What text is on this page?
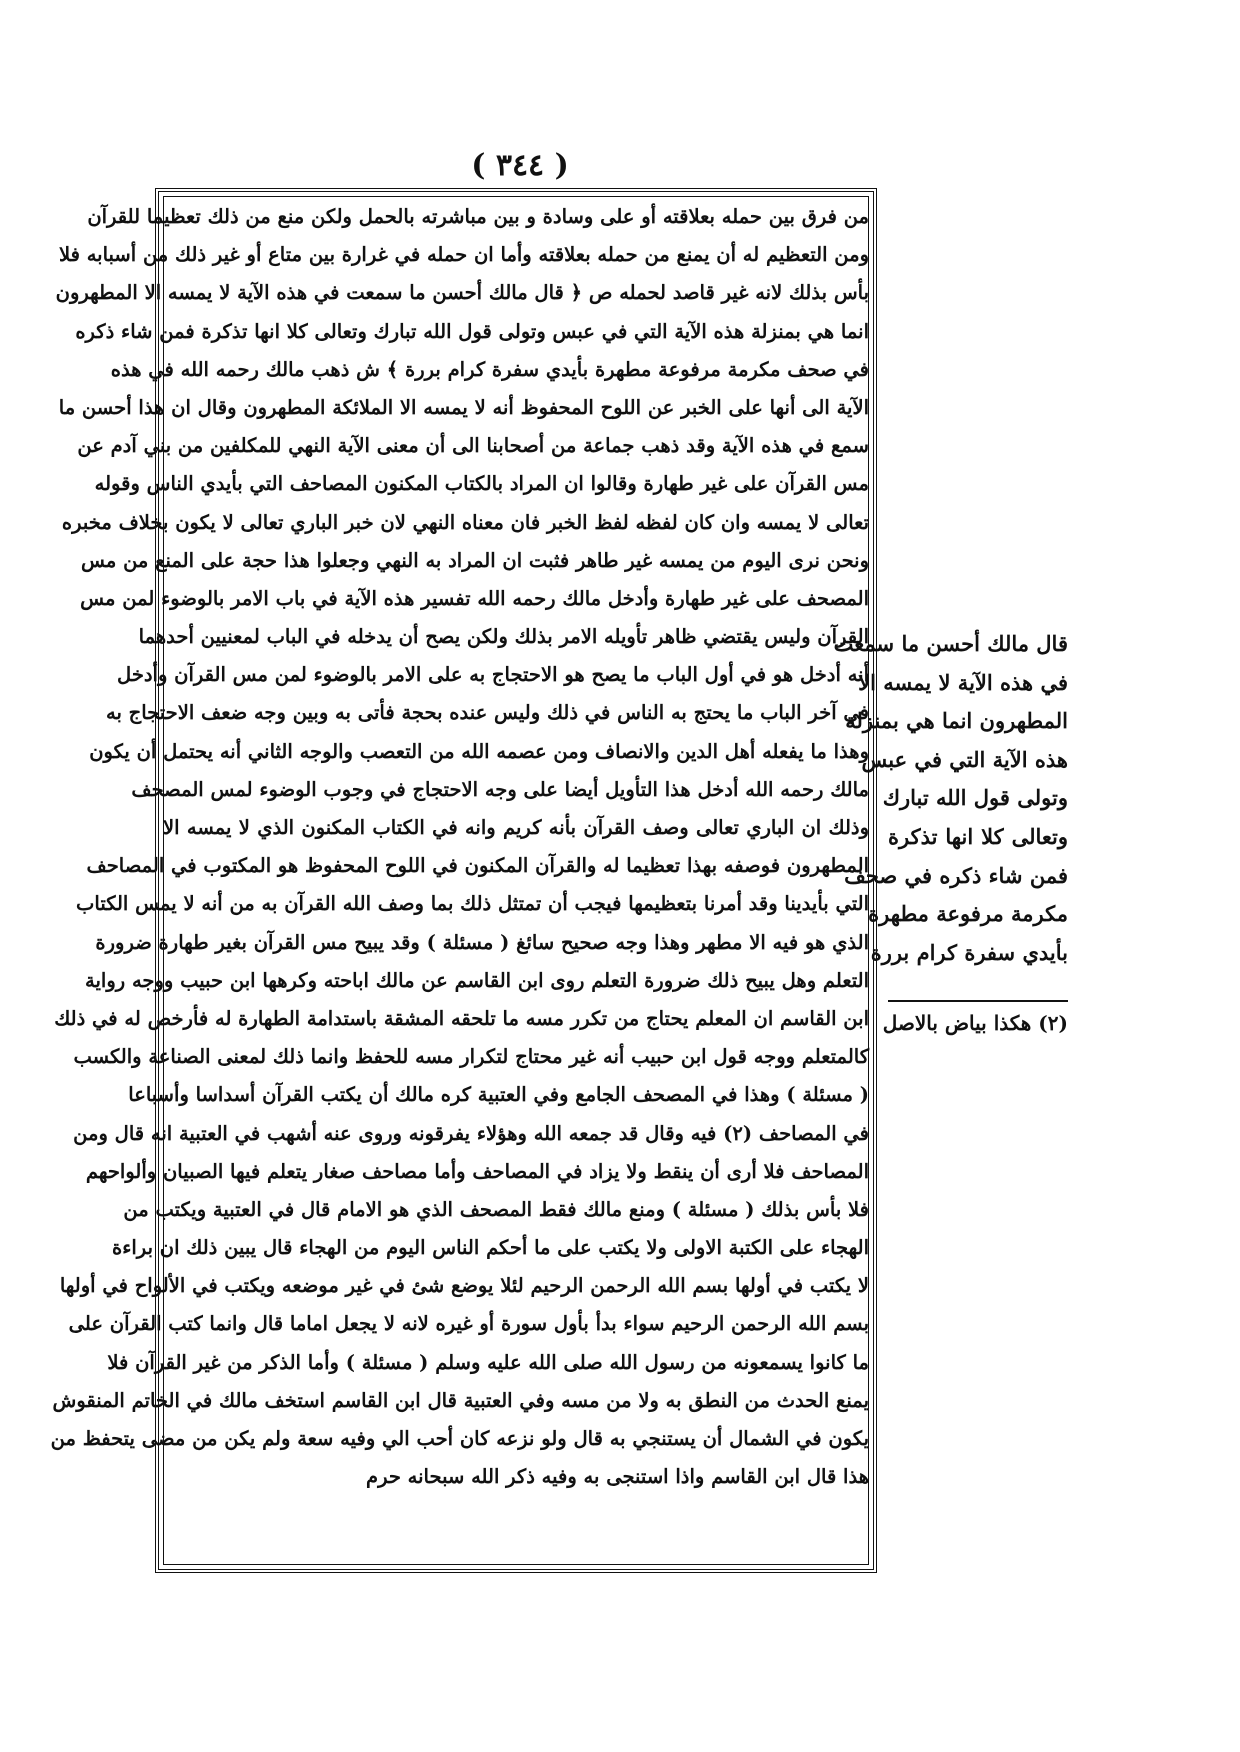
( ٣٤٤ )
من فرق بين حمله بعلاقته أو على وسادة و بين مباشرته بالحمل ولكن منع من ذلك تعظيما للقرآن
ومن التعظيم له أن يمنع من حمله بعلاقته وأما ان حمله في غرارة بين متاع أو غير ذلك من أسبابه فلا
بأس بذلك لانه غير قاصد لحمله ص ﴿ قال مالك أحسن ما سمعت في هذه الآية لا يمسه الا المطهرون
انما هي بمنزلة هذه الآية التي في عبس وتولى قول الله تبارك وتعالى كلا انها تذكرة فمن شاء ذكره
في صحف مكرمة مرفوعة مطهرة بأيدي سفرة كرام بررة ﴾ ش ذهب مالك رحمه الله في هذه
الآية الى أنها على الخبر عن اللوح المحفوظ أنه لا يمسه الا الملائكة المطهرون وقال ان هذا أحسن ما
سمع في هذه الآية وقد ذهب جماعة من أصحابنا الى أن معنى الآية النهي للمكلفين من بني آدم عن
مس القرآن على غير طهارة وقالوا ان المراد بالكتاب المكنون المصاحف التي بأيدي الناس وقوله
تعالى لا يمسه وان كان لفظه لفظ الخبر فان معناه النهي لان خبر الباري تعالى لا يكون بخلاف مخبره
ونحن نرى اليوم من يمسه غير طاهر فثبت ان المراد به النهي وجعلوا هذا حجة على المنع من مس
المصحف على غير طهارة وأدخل مالك رحمه الله تفسير هذه الآية في باب الامر بالوضوء لمن مس
القرآن وليس يقتضي ظاهر تأويله الامر بذلك ولكن يصح أن يدخله في الباب لمعنيين أحدهما
أنه أدخل هو في أول الباب ما يصح هو الاحتجاج به على الامر بالوضوء لمن مس القرآن وأدخل
في آخر الباب ما يحتج به الناس في ذلك وليس عنده بحجة فأتى به وبين وجه ضعف الاحتجاج به
وهذا ما يفعله أهل الدين والانصاف ومن عصمه الله من التعصب والوجه الثاني أنه يحتمل أن يكون
مالك رحمه الله أدخل هذا التأويل أيضا على وجه الاحتجاج في وجوب الوضوء لمس المصحف
وذلك ان الباري تعالى وصف القرآن بأنه كريم وانه في الكتاب المكنون الذي لا يمسه الا
المطهرون فوصفه بهذا تعظيما له والقرآن المكنون في اللوح المحفوظ هو المكتوب في المصاحف
التي بأيدينا وقد أمرنا بتعظيمها فيجب أن تمتثل ذلك بما وصف الله القرآن به من أنه لا يمس الكتاب
الذي هو فيه الا مطهر وهذا وجه صحيح سائغ ( مسئلة ) وقد يبيح مس القرآن بغير طهارة ضرورة
التعلم وهل يبيح ذلك ضرورة التعلم روى ابن القاسم عن مالك اباحته وكرهها ابن حبيب ووجه رواية
ابن القاسم ان المعلم يحتاج من تكرر مسه ما تلحقه المشقة باستدامة الطهارة له فأرخص له في ذلك
كالمتعلم ووجه قول ابن حبيب أنه غير محتاج لتكرار مسه للحفظ وانما ذلك لمعنى الصناعة والكسب
( مسئلة ) وهذا في المصحف الجامع وفي العتبية كره مالك أن يكتب القرآن أسداسا وأسباعا
في المصاحف (٢) فيه وقال قد جمعه الله وهؤلاء يفرقونه وروى عنه أشهب في العتبية انه قال ومن
المصاحف فلا أرى أن ينقط ولا يزاد في المصاحف وأما مصاحف صغار يتعلم فيها الصبيان وألواحهم
فلا بأس بذلك ( مسئلة ) ومنع مالك فقط المصحف الذي هو الامام قال في العتبية ويكتب من
الهجاء على الكتبة الاولى ولا يكتب على ما أحكم الناس اليوم من الهجاء قال يبين ذلك ان براءة
لا يكتب في أولها بسم الله الرحمن الرحيم لئلا يوضع شئ في غير موضعه ويكتب في الألواح في أولها
بسم الله الرحمن الرحيم سواء بدأ بأول سورة أو غيره لانه لا يجعل اماما قال وانما كتب القرآن على
ما كانوا يسمعونه من رسول الله صلى الله عليه وسلم ( مسئلة ) وأما الذكر من غير القرآن فلا
يمنع الحدث من النطق به ولا من مسه وفي العتبية قال ابن القاسم استخف مالك في الخاتم المنقوش
يكون في الشمال أن يستنجي به قال ولو نزعه كان أحب الي وفيه سعة ولم يكن من مضى يتحفظ من
هذا قال ابن القاسم واذا استنجى به وفيه ذكر الله سبحانه حرم
قال مالك أحسن ما سمعت
في هذه الآية لا يمسه الا
المطهرون انما هي بمنزلة
هذه الآية التي في عبس
وتولى قول الله تبارك
وتعالى كلا انها تذكرة
فمن شاء ذكره في صحف
مكرمة مرفوعة مطهرة
بأيدي سفرة كرام بررة
(٢) هكذا بياض بالاصل
